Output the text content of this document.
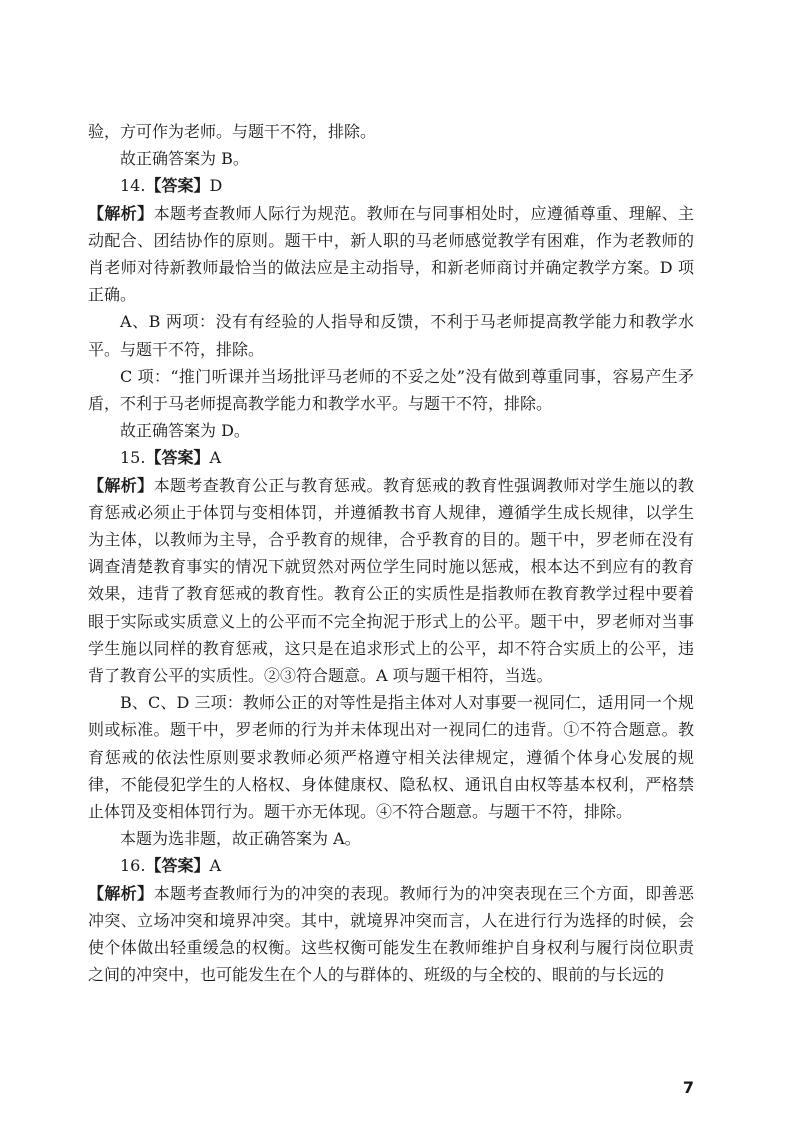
验，方可作为老师。与题干不符，排除。

故正确答案为 B。

14.【答案】D

【解析】本题考查教师人际行为规范。教师在与同事相处时，应遵循尊重、理解、主动配合、团结协作的原则。题干中，新人职的马老师感觉教学有困难，作为老教师的肖老师对待新教师最恰当的做法应是主动指导，和新老师商讨并确定教学方案。D 项正确。

A、B 两项：没有有经验的人指导和反馈，不利于马老师提高教学能力和教学水平。与题干不符，排除。

C 项：“推门听课并当场批评马老师的不妥之处”没有做到尊重同事，容易产生矛盾，不利于马老师提高教学能力和教学水平。与题干不符，排除。

故正确答案为 D。

15.【答案】A

【解析】本题考查教育公正与教育惩戒。教育惩戒的教育性强调教师对学生施以的教育惩戒必须止于体罚与变相体罚，并遵循教书育人规律，遵循学生成长规律，以学生为主体，以教师为主导，合乎教育的规律，合乎教育的目的。题干中，罗老师在没有调查清楚教育事实的情况下就贸然对两位学生同时施以惩戒，根本达不到应有的教育效果，违背了教育惩戒的教育性。教育公正的实质性是指教师在教育教学过程中要着眼于实际或实质意义上的公平而不完全拘泥于形式上的公平。题干中，罗老师对当事学生施以同样的教育惩戒，这只是在追求形式上的公平，却不符合实质上的公平，违背了教育公平的实质性。②③符合题意。A 项与题干相符，当选。

B、C、D 三项：教师公正的对等性是指主体对人对事要一视同仁，适用同一个规则或标准。题干中，罗老师的行为并未体现出对一视同仁的违背。①不符合题意。教育惩戒的依法性原则要求教师必须严格遵守相关法律规定，遵循个体身心发展的规律，不能侵犯学生的人格权、身体健康权、隐私权、通讯自由权等基本权利，严格禁止体罚及变相体罚行为。题干亦无体现。④不符合题意。与题干不符，排除。

本题为选非题，故正确答案为 A。

16.【答案】A

【解析】本题考查教师行为的冲突的表现。教师行为的冲突表现在三个方面，即善恶冲突、立场冲突和境界冲突。其中，就境界冲突而言，人在进行行为选择的时候，会使个体做出轻重缓急的权衡。这些权衡可能发生在教师维护自身权利与履行岗位职责之间的冲突中，也可能发生在个人的与群体的、班级的与全校的、眼前的与长远的

7
